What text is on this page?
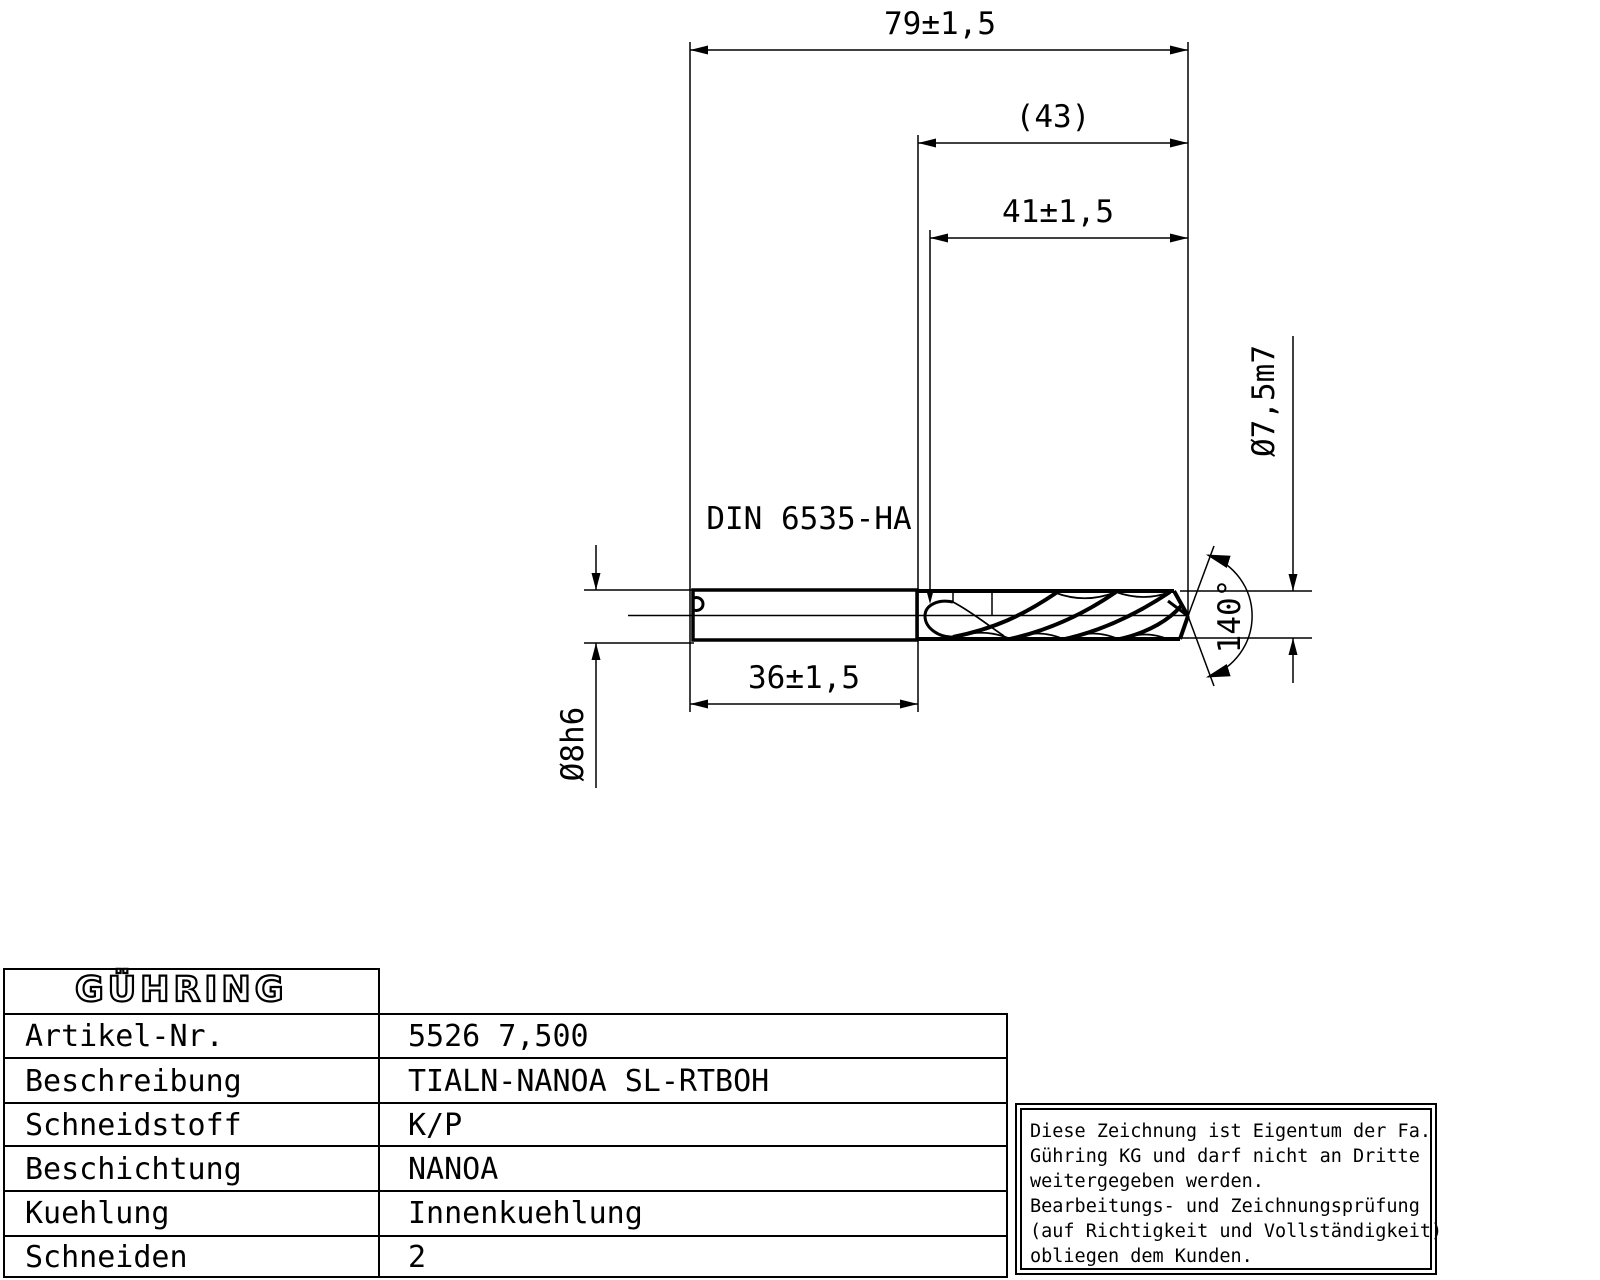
79±1,5
(43)
41±1,5
36±1,5
DIN 6535-HA
Ø8h6
Ø7,5m7
140°
GÜHRING
Artikel-Nr.	5526 7,500
Beschreibung	TIALN-NANOA SL-RTBOH
Schneidstoff	K/P
Beschichtung	NANOA
Kuehlung	Innenkuehlung
Schneiden	2
Diese Zeichnung ist Eigentum der Fa.
Gühring KG und darf nicht an Dritte
weitergegeben werden.
Bearbeitungs- und Zeichnungsprüfung
(auf Richtigkeit und Vollständigkeit)
obliegen dem Kunden.
